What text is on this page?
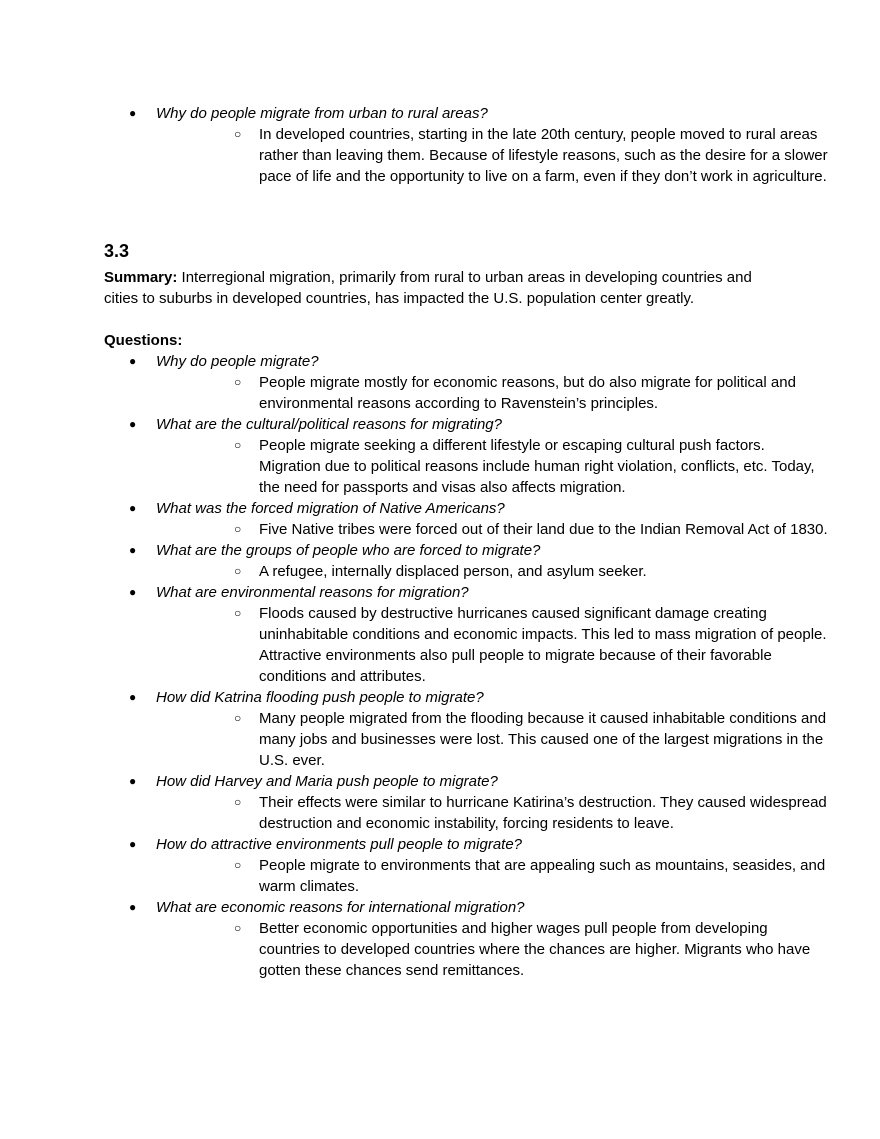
● Why do people migrate from urban to rural areas?
○ In developed countries, starting in the late 20th century, people moved to rural areas rather than leaving them. Because of lifestyle reasons, such as the desire for a slower pace of life and the opportunity to live on a farm, even if they don’t work in agriculture.
3.3
Summary: Interregional migration, primarily from rural to urban areas in developing countries and cities to suburbs in developed countries, has impacted the U.S. population center greatly.
Questions:
● Why do people migrate?
○ People migrate mostly for economic reasons, but do also migrate for political and environmental reasons according to Ravenstein’s principles.
● What are the cultural/political reasons for migrating?
○ People migrate seeking a different lifestyle or escaping cultural push factors. Migration due to political reasons include human right violation, conflicts, etc. Today, the need for passports and visas also affects migration.
● What was the forced migration of Native Americans?
○ Five Native tribes were forced out of their land due to the Indian Removal Act of 1830.
● What are the groups of people who are forced to migrate?
○ A refugee, internally displaced person, and asylum seeker.
● What are environmental reasons for migration?
○ Floods caused by destructive hurricanes caused significant damage creating uninhabitable conditions and economic impacts. This led to mass migration of people. Attractive environments also pull people to migrate because of their favorable conditions and attributes.
● How did Katrina flooding push people to migrate?
○ Many people migrated from the flooding because it caused inhabitable conditions and many jobs and businesses were lost. This caused one of the largest migrations in the U.S. ever.
● How did Harvey and Maria push people to migrate?
○ Their effects were similar to hurricane Katirina’s destruction. They caused widespread destruction and economic instability, forcing residents to leave.
● How do attractive environments pull people to migrate?
○ People migrate to environments that are appealing such as mountains, seasides, and warm climates.
● What are economic reasons for international migration?
○ Better economic opportunities and higher wages pull people from developing countries to developed countries where the chances are higher. Migrants who have gotten these chances send remittances.
